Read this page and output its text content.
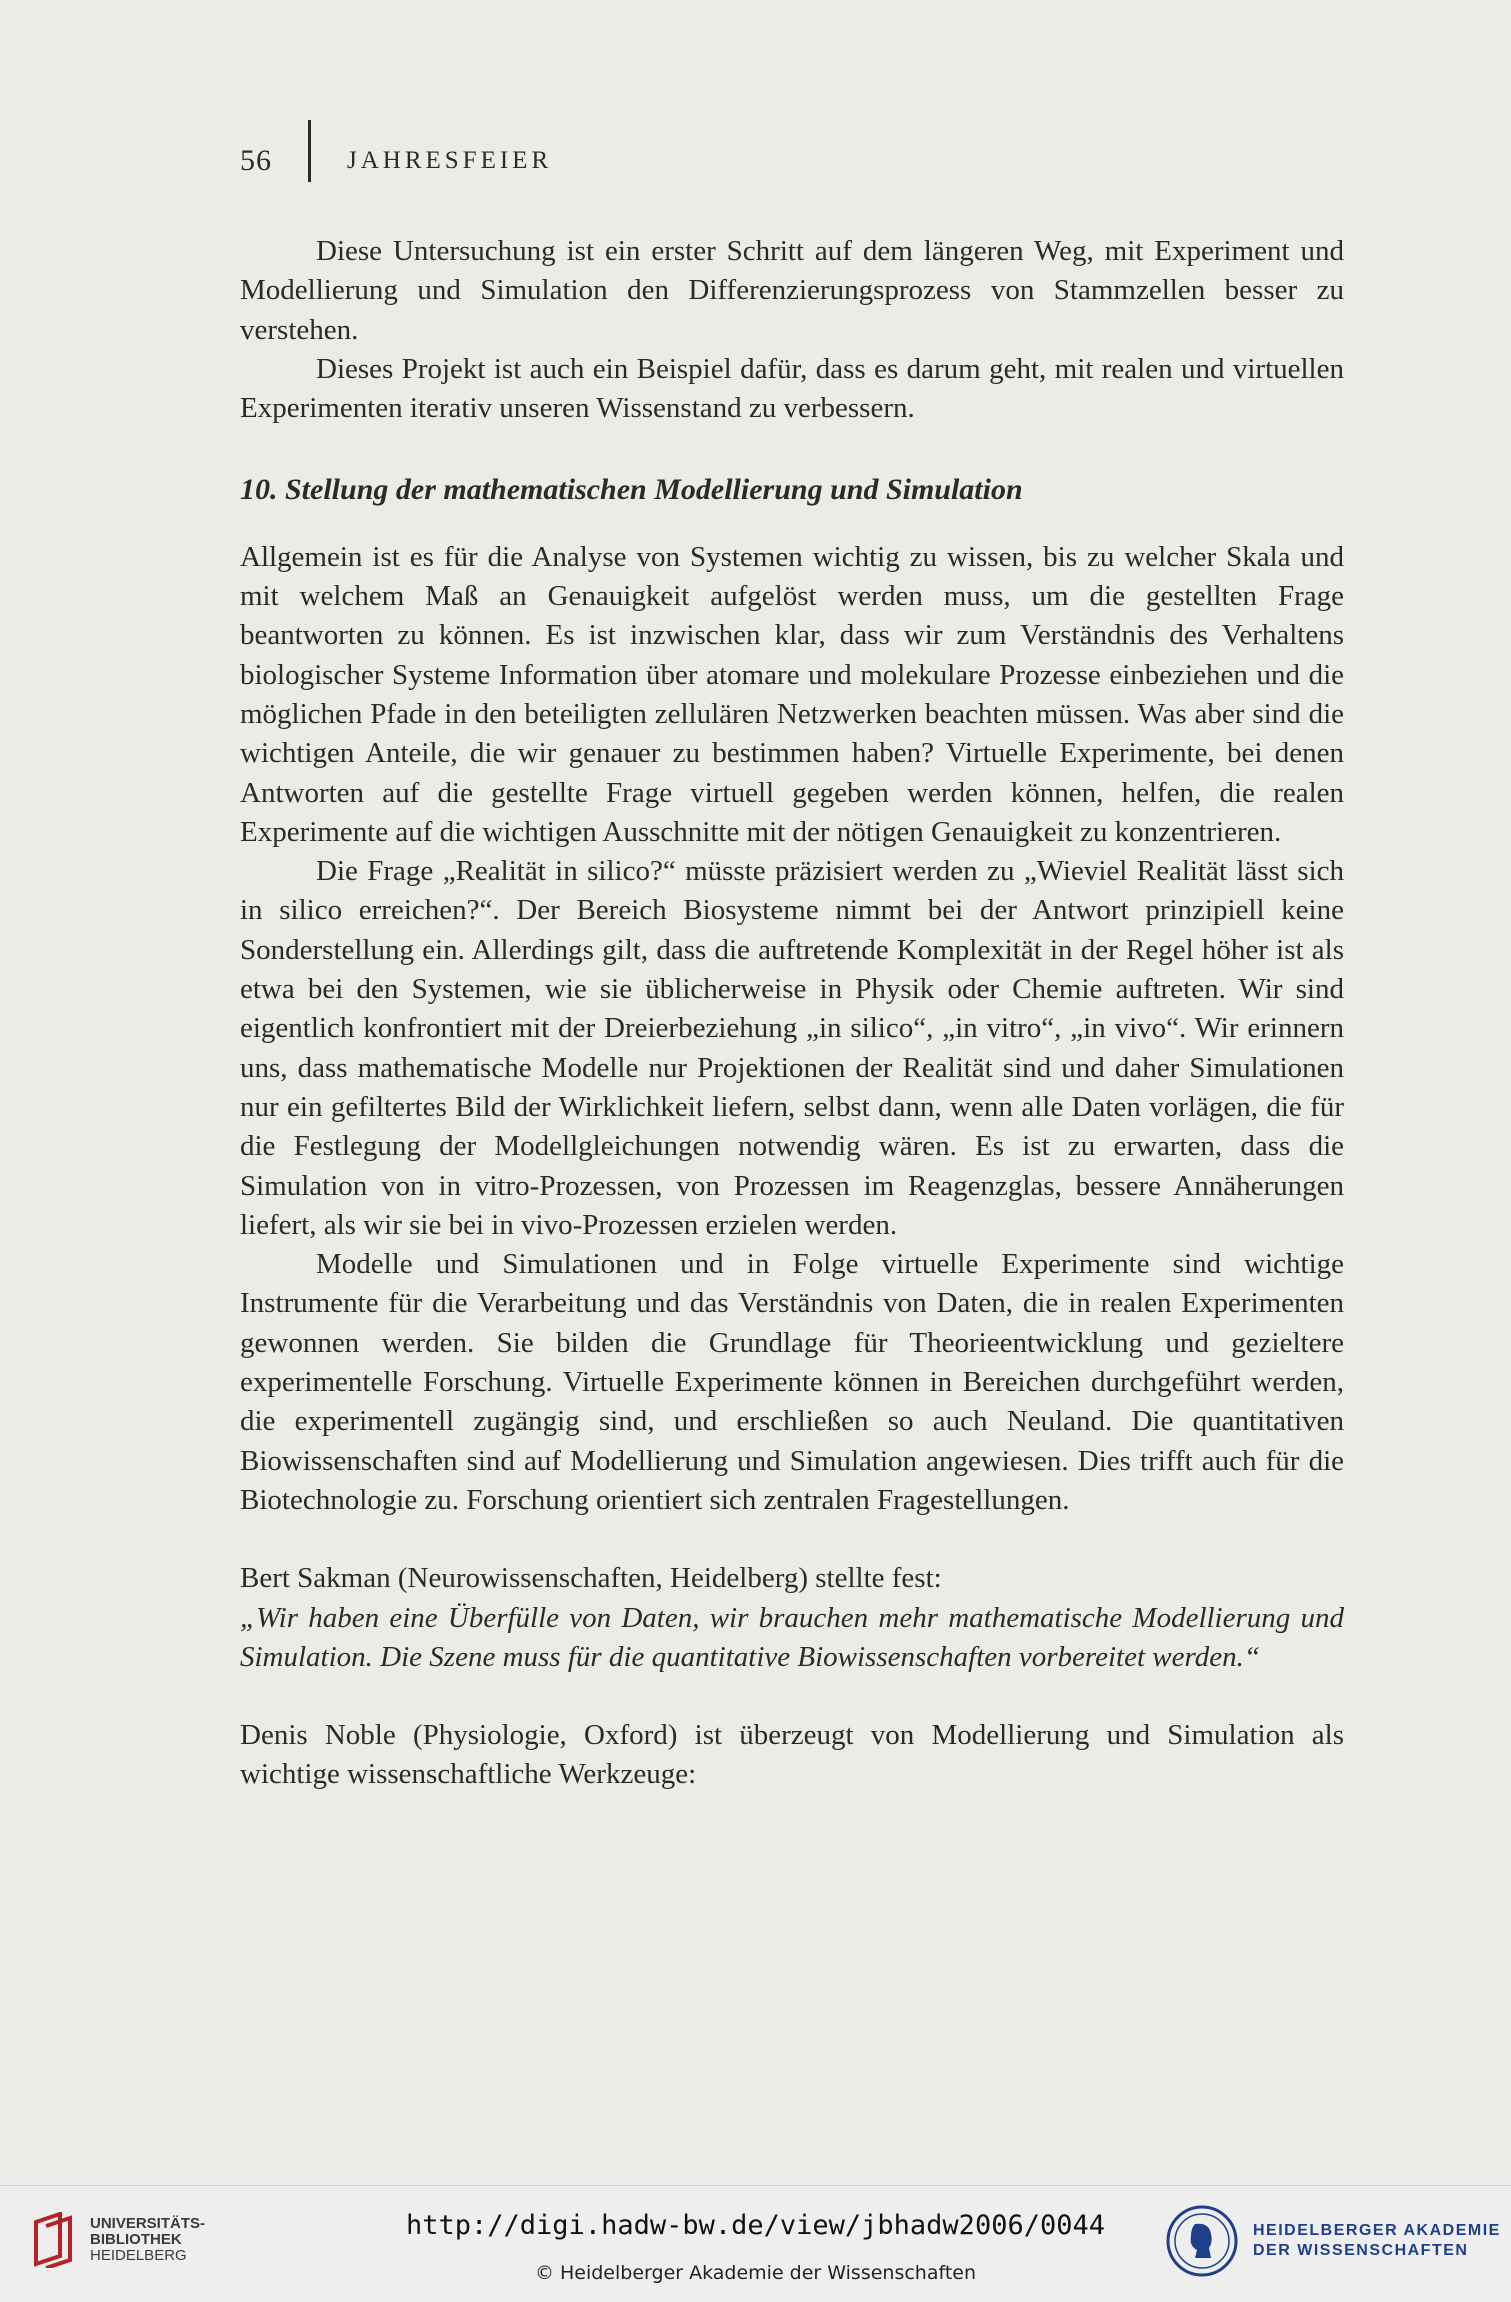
56	JAHRESFEIER

Diese Untersuchung ist ein erster Schritt auf dem längeren Weg, mit Experiment und Modellierung und Simulation den Differenzierungsprozess von Stammzellen besser zu verstehen.

Dieses Projekt ist auch ein Beispiel dafür, dass es darum geht, mit realen und virtuellen Experimenten iterativ unseren Wissenstand zu verbessern.

10. Stellung der mathematischen Modellierung und Simulation

Allgemein ist es für die Analyse von Systemen wichtig zu wissen, bis zu welcher Skala und mit welchem Maß an Genauigkeit aufgelöst werden muss, um die gestellten Frage beantworten zu können. Es ist inzwischen klar, dass wir zum Verständnis des Verhaltens biologischer Systeme Information über atomare und molekulare Prozesse einbeziehen und die möglichen Pfade in den beteiligten zellulären Netzwerken beachten müssen. Was aber sind die wichtigen Anteile, die wir genauer zu bestimmen haben? Virtuelle Experimente, bei denen Antworten auf die gestellte Frage virtuell gegeben werden können, helfen, die realen Experimente auf die wichtigen Ausschnitte mit der nötigen Genauigkeit zu konzentrieren.

Die Frage „Realität in silico?“ müsste präzisiert werden zu „Wieviel Realität lässt sich in silico erreichen?“. Der Bereich Biosysteme nimmt bei der Antwort prinzipiell keine Sonderstellung ein. Allerdings gilt, dass die auftretende Komplexität in der Regel höher ist als etwa bei den Systemen, wie sie üblicherweise in Physik oder Chemie auftreten. Wir sind eigentlich konfrontiert mit der Dreierbeziehung „in silico“, „in vitro“, „in vivo“. Wir erinnern uns, dass mathematische Modelle nur Projektionen der Realität sind und daher Simulationen nur ein gefiltertes Bild der Wirklichkeit liefern, selbst dann, wenn alle Daten vorlägen, die für die Festlegung der Modellgleichungen notwendig wären. Es ist zu erwarten, dass die Simulation von in vitro-Prozessen, von Prozessen im Reagenzglas, bessere Annäherungen liefert, als wir sie bei in vivo-Prozessen erzielen werden.

Modelle und Simulationen und in Folge virtuelle Experimente sind wichtige Instrumente für die Verarbeitung und das Verständnis von Daten, die in realen Experimenten gewonnen werden. Sie bilden die Grundlage für Theorieentwicklung und gezieltere experimentelle Forschung. Virtuelle Experimente können in Bereichen durchgeführt werden, die experimentell zugängig sind, und erschließen so auch Neuland. Die quantitativen Biowissenschaften sind auf Modellierung und Simulation angewiesen. Dies trifft auch für die Biotechnologie zu. Forschung orientiert sich zentralen Fragestellungen.

Bert Sakman (Neurowissenschaften, Heidelberg) stellte fest:

„Wir haben eine Überfülle von Daten, wir brauchen mehr mathematische Modellierung und Simulation. Die Szene muss für die quantitative Biowissenschaften vorbereitet werden.“

Denis Noble (Physiologie, Oxford) ist überzeugt von Modellierung und Simulation als wichtige wissenschaftliche Werkzeuge:

UNIVERSITÄTS-
BIBLIOTHEK
HEIDELBERG
http://digi.hadw-bw.de/view/jbhadw2006/0044
© Heidelberger Akademie der Wissenschaften
HEIDELBERGER AKADEMIE
DER WISSENSCHAFTEN
